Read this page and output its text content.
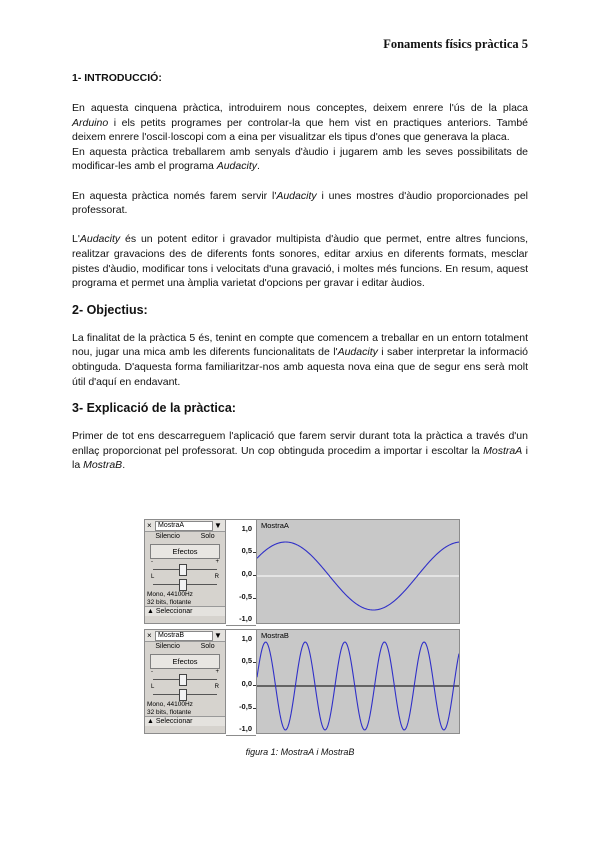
Fonaments físics pràctica 5
1- INTRODUCCIÓ:

En aquesta cinquena pràctica, introduirem nous conceptes, deixem enrere l'ús de la placa Arduino i els petits programes per controlar-la que hem vist en practiques anteriors. També deixem enrere l'oscil·loscopi com a eina per visualitzar els tipus d'ones que generava la placa.

En aquesta pràctica treballarem amb senyals d'àudio i jugarem amb les seves possibilitats de modificar-les amb el programa Audacity.

En aquesta pràctica només farem servir l'Audacity i unes mostres d'àudio proporcionades pel professorat.

L'Audacity és un potent editor i gravador multipista d'àudio que permet, entre altres funcions, realitzar gravacions des de diferents fonts sonores, editar arxius en diferents formats, mesclar pistes d'àudio, modificar tons i velocitats d'una gravació, i moltes més funcions. En resum, aquest programa et permet una àmplia varietat d'opcions per gravar i editar àudios.

2- Objectius:

La finalitat de la pràctica 5 és, tenint en compte que comencem a treballar en un entorn totalment nou, jugar una mica amb les diferents funcionalitats de l'Audacity i saber interpretar la informació obtinguda. D'aquesta forma familiaritzar-nos amb aquesta nova eina que de segur ens serà molt útil d'aquí en endavant.

3- Explicació de la pràctica:

Primer de tot ens descarreguem l'aplicació que farem servir durant tota la pràctica a través d'un enllaç proporcionat pel professorat. Un cop obtinguda procedim a importar i escoltar la MostraA i la MostraB.

× MostraA	▼
Silencio	Solo
Efectos
-	+
L	R
Mono, 44100Hz
32 bits, flotante
▲ Seleccionar
1,0
0,5
0,0
-0,5
-1,0
MostraA
× MostraB	▼
Silencio	Solo
Efectos
-	+
L	R
Mono, 44100Hz
32 bits, flotante
▲ Seleccionar
1,0
0,5
0,0
-0,5
-1,0
MostraB
figura 1: MostraA i MostraB
